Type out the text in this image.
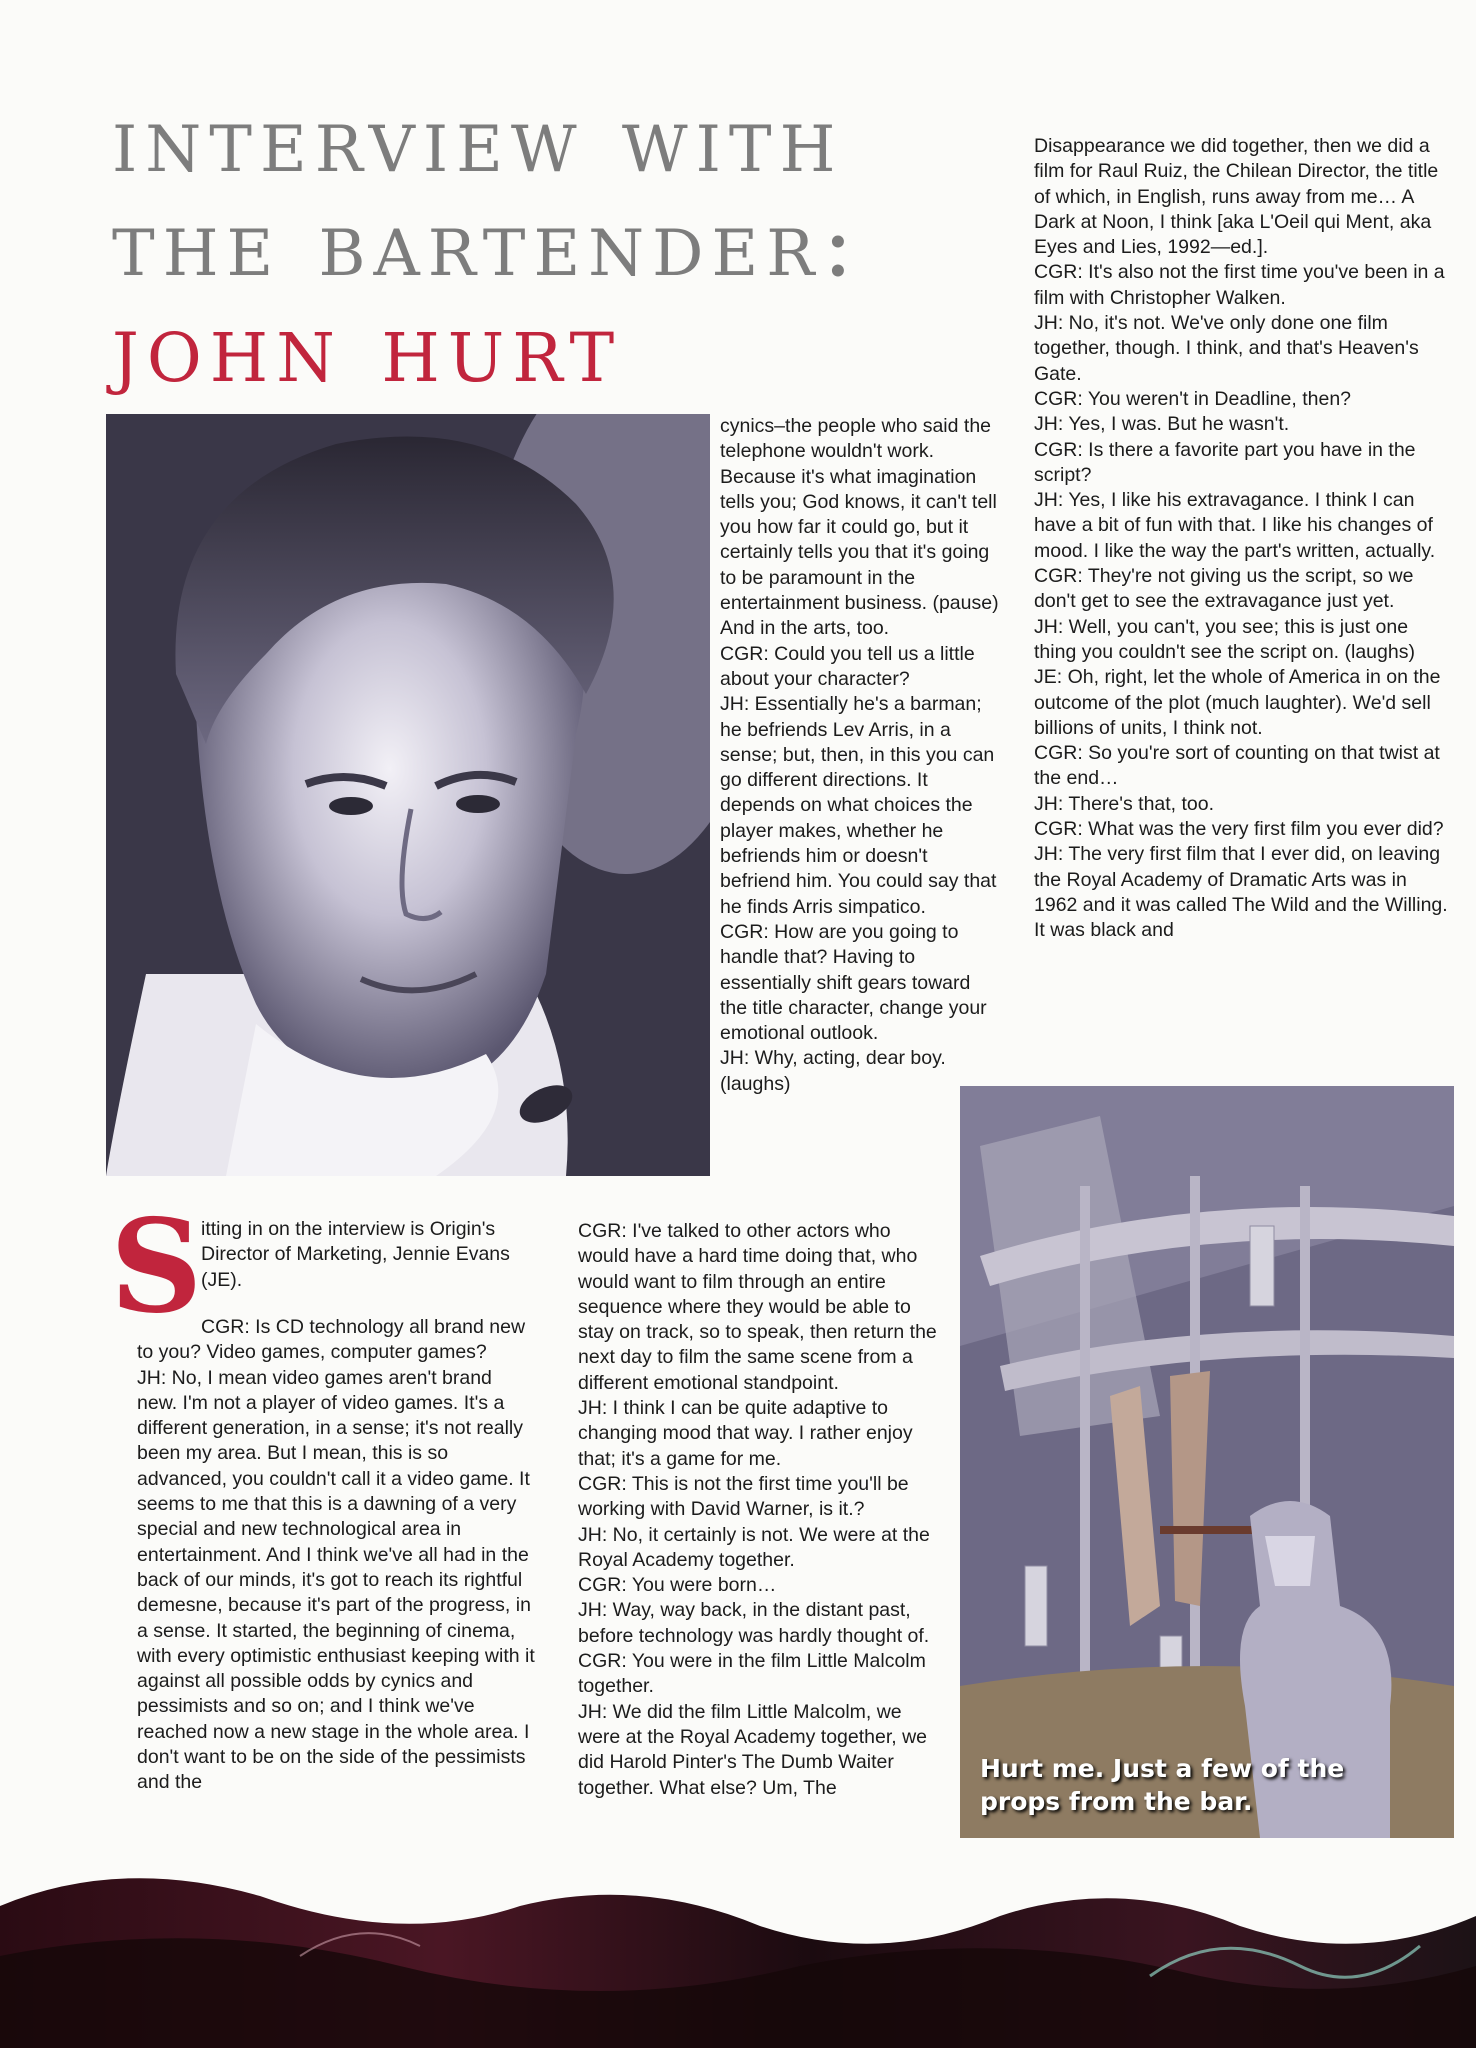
interview with
the bartender:
john hurt
S

itting in on the interview is Origin's Director of Marketing, Jennie Evans (JE).

CGR: Is CD technology all brand new to you? Video games, computer games?

JH: No, I mean video games aren't brand new. I'm not a player of video games. It's a different generation, in a sense; it's not really been my area. But I mean, this is so advanced, you couldn't call it a video game. It seems to me that this is a dawning of a very special and new technological area in entertainment. And I think we've all had in the back of our minds, it's got to reach its rightful demesne, because it's part of the progress, in a sense. It started, the beginning of cinema, with every optimistic enthusiast keeping with it against all possible odds by cynics and pessimists and so on; and I think we've reached now a new stage in the whole area. I don't want to be on the side of the pessimists and the

cynics–the people who said the telephone wouldn't work. Because it's what imagination tells you; God knows, it can't tell you how far it could go, but it certainly tells you that it's going to be paramount in the entertainment business. (pause) And in the arts, too.

CGR: Could you tell us a little about your character?

JH: Essentially he's a barman; he befriends Lev Arris, in a sense; but, then, in this you can go different directions. It depends on what choices the player makes, whether he befriends him or doesn't befriend him. You could say that he finds Arris simpatico.

CGR: How are you going to handle that? Having to essentially shift gears toward the title character, change your emotional outlook.

JH: Why, acting, dear boy. (laughs)

CGR: I've talked to other actors who would have a hard time doing that, who would want to film through an entire sequence where they would be able to stay on track, so to speak, then return the next day to film the same scene from a different emotional standpoint.

JH: I think I can be quite adaptive to changing mood that way. I rather enjoy that; it's a game for me.

CGR: This is not the first time you'll be working with David Warner, is it.?

JH: No, it certainly is not. We were at the Royal Academy together.

CGR: You were born…

JH: Way, way back, in the distant past, before technology was hardly thought of.

CGR: You were in the film Little Malcolm together.

JH: We did the film Little Malcolm, we were at the Royal Academy together, we did Harold Pinter's The Dumb Waiter together. What else? Um, The

Disappearance we did together, then we did a film for Raul Ruiz, the Chilean Director, the title of which, in English, runs away from me… A Dark at Noon, I think [aka L'Oeil qui Ment, aka Eyes and Lies, 1992—ed.].

CGR: It's also not the first time you've been in a film with Christopher Walken.

JH: No, it's not. We've only done one film together, though. I think, and that's Heaven's Gate.

CGR: You weren't in Deadline, then?

JH: Yes, I was. But he wasn't.

CGR: Is there a favorite part you have in the script?

JH: Yes, I like his extravagance. I think I can have a bit of fun with that. I like his changes of mood. I like the way the part's written, actually.

CGR: They're not giving us the script, so we don't get to see the extravagance just yet.

JH: Well, you can't, you see; this is just one thing you couldn't see the script on. (laughs)

JE: Oh, right, let the whole of America in on the outcome of the plot (much laughter). We'd sell billions of units, I think not.

CGR: So you're sort of counting on that twist at the end…

JH: There's that, too.

CGR: What was the very first film you ever did?

JH: The very first film that I ever did, on leaving the Royal Academy of Dramatic Arts was in 1962 and it was called The Wild and the Willing. It was black and

Hurt me. Just a few of the
props from the bar.
